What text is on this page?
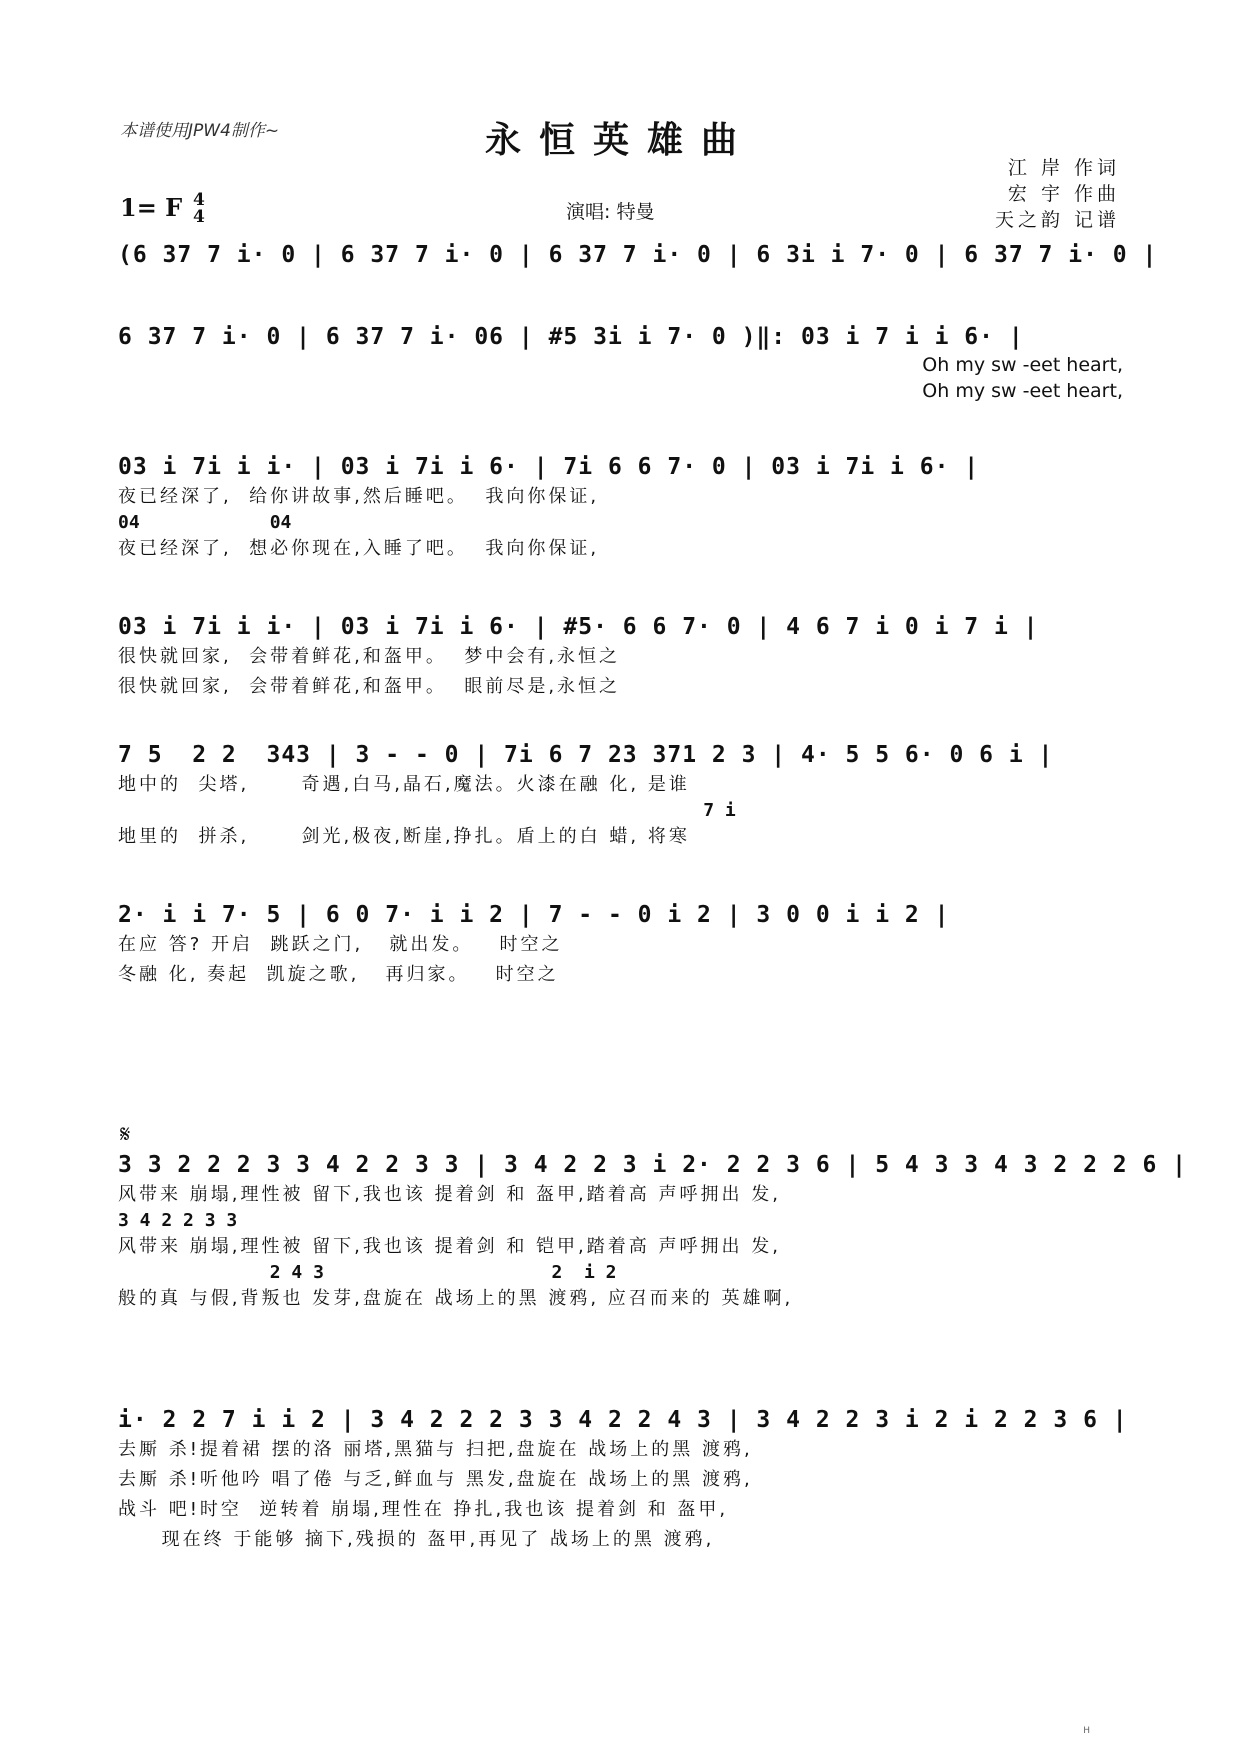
本谱使用JPW4制作~	永恒英雄曲
1= F 4
4	演唱: 特曼
江 岸 作词
宏 宇 作曲
天之韵 记谱
(6 37 7 i· 0 | 6 37 7 i· 0 | 6 37 7 i· 0 | 6 3i i 7· 0 | 6 37 7 i· 0 |
6 37 7 i· 0 | 6 37 7 i· 06 | #5 3i i 7· 0 )‖: 03 i 7 i i 6· |
Oh my sw -eet heart,
Oh my sw -eet heart,
03 i 7i i i· | 03 i 7i i 6· | 7i 6 6 7· 0 | 03 i 7i i 6· |
夜已经深了,  给你讲故事,然后睡吧。  我向你保证,
04            04
夜已经深了,  想必你现在,入睡了吧。  我向你保证,
03 i 7i i i· | 03 i 7i i 6· | #5· 6 6 7· 0 | 4 6 7 i 0 i 7 i |
很快就回家,  会带着鲜花,和盔甲。  梦中会有,永恒之
很快就回家,  会带着鲜花,和盔甲。  眼前尽是,永恒之
7 5  2 2  343 | 3 - - 0 | 7i 6 7 23 371 2 3 | 4· 5 5 6· 0 6 i |
地中的  尖塔,      奇遇,白马,晶石,魔法。火漆在融 化, 是谁
7 i
地里的  拼杀,      剑光,极夜,断崖,挣扎。盾上的白 蜡, 将寒
2· i i 7· 5 | 6 0 7· i i 2 | 7 - - 0 i 2 | 3 0 0 i i 2 |
在应 答? 开启  跳跃之门,   就出发。   时空之
冬融 化, 奏起  凯旋之歌,   再归家。   时空之
𝄋
3 3 2 2 2 3 3 4 2 2 3 3 | 3 4 2 2 3 i 2· 2 2 3 6 | 5 4 3 3 4 3 2 2 2 6 |
风带来 崩塌,理性被 留下,我也该 提着剑 和 盔甲,踏着高 声呼拥出 发,
3 4 2 2 3 3
风带来 崩塌,理性被 留下,我也该 提着剑 和 铠甲,踏着高 声呼拥出 发,
2 4 3                     2  i 2
般的真 与假,背叛也 发芽,盘旋在 战场上的黑 渡鸦, 应召而来的 英雄啊,
i· 2 2 7 i i 2 | 3 4 2 2 2 3 3 4 2 2 4 3 | 3 4 2 2 3 i 2 i 2 2 3 6 |
去厮 杀!提着裙 摆的洛 丽塔,黑猫与 扫把,盘旋在 战场上的黑 渡鸦,
去厮 杀!听他吟 唱了倦 与乏,鲜血与 黑发,盘旋在 战场上的黑 渡鸦,
战斗 吧!时空  逆转着 崩塌,理性在 挣扎,我也该 提着剑 和 盔甲,
现在终 于能够 摘下,残损的 盔甲,再见了 战场上的黑 渡鸦,
H
